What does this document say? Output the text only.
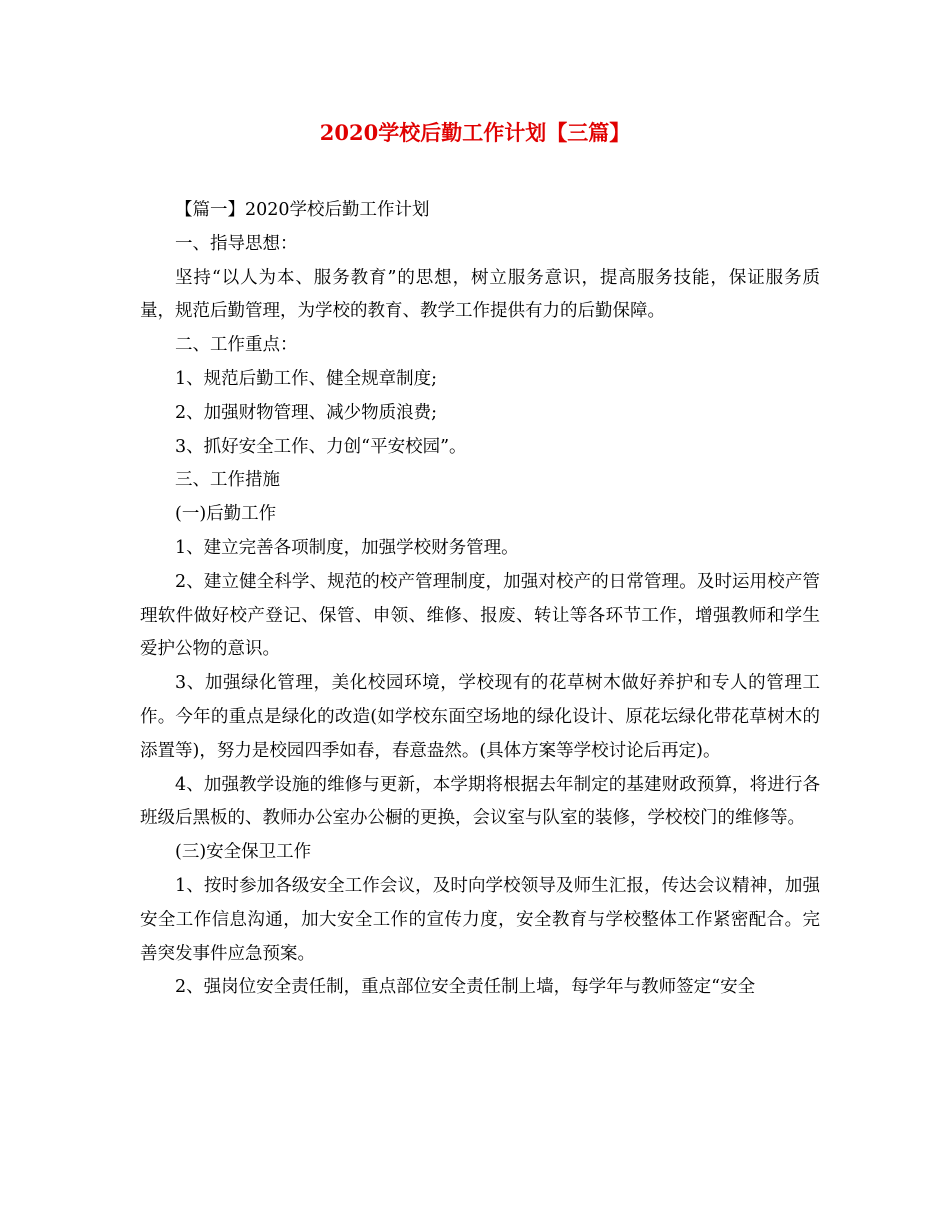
2020学校后勤工作计划【三篇】

【篇一】2020学校后勤工作计划

一、指导思想：

坚持“以人为本、服务教育”的思想，树立服务意识，提高服务技能，保证服务质量，规范后勤管理，为学校的教育、教学工作提供有力的后勤保障。

二、工作重点：

1、规范后勤工作、健全规章制度;

2、加强财物管理、减少物质浪费;

3、抓好安全工作、力创“平安校园”。

三、工作措施

(一)后勤工作

1、建立完善各项制度，加强学校财务管理。

2、建立健全科学、规范的校产管理制度，加强对校产的日常管理。及时运用校产管理软件做好校产登记、保管、申领、维修、报废、转让等各环节工作，增强教师和学生爱护公物的意识。

3、加强绿化管理，美化校园环境，学校现有的花草树木做好养护和专人的管理工作。今年的重点是绿化的改造(如学校东面空场地的绿化设计、原花坛绿化带花草树木的添置等)，努力是校园四季如春，春意盎然。(具体方案等学校讨论后再定)。

4、加强教学设施的维修与更新，本学期将根据去年制定的基建财政预算，将进行各班级后黑板的、教师办公室办公橱的更换，会议室与队室的装修，学校校门的维修等。

(三)安全保卫工作

1、按时参加各级安全工作会议，及时向学校领导及师生汇报，传达会议精神，加强安全工作信息沟通，加大安全工作的宣传力度，安全教育与学校整体工作紧密配合。完善突发事件应急预案。

2、强岗位安全责任制，重点部位安全责任制上墙，每学年与教师签定“安全
